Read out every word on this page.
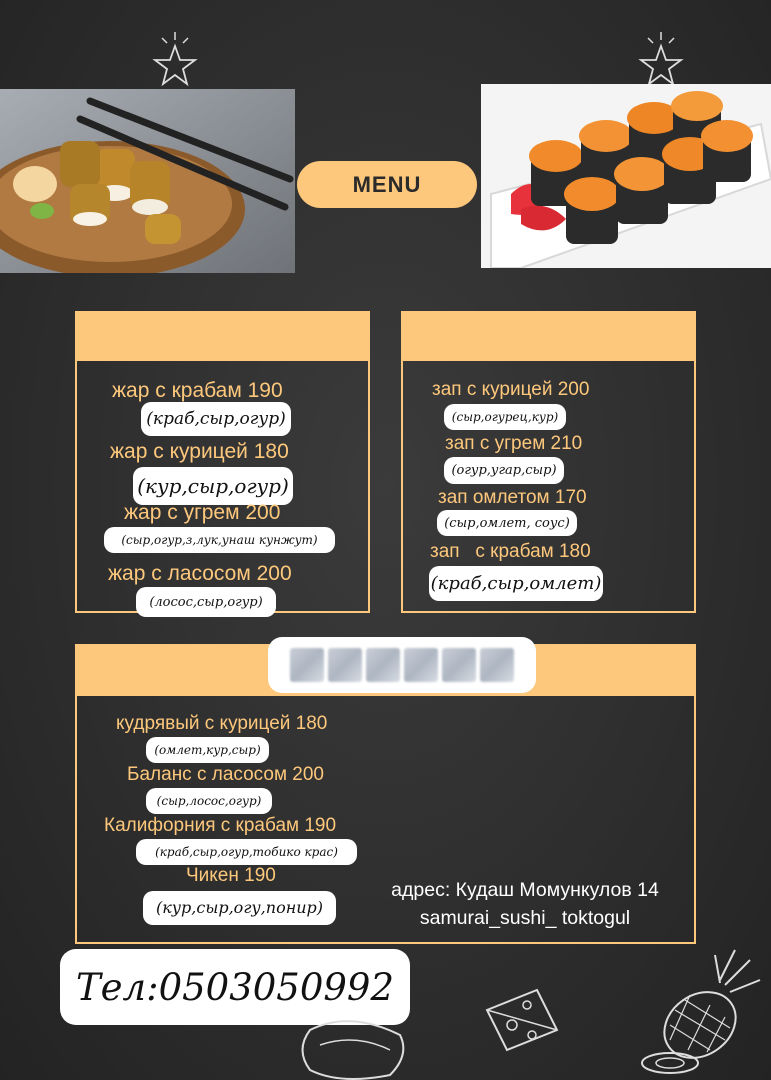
MENU
жар с крабам 190
(краб,сыр,огур)
жар с курицей 180
(кур,сыр,огур)
жар с угрем 200
(сыр,огур,з,лук,унаш кунжут)
жар с ласосом 200
(лосос,сыр,огур)
зап с курицей 200
(сыр,огурец,кур)
зап с угрем 210
(огур,угар,сыр)
зап омлетом 170
(сыр,омлет, соус)
зап   с крабам 180
(краб,сыр,омлет)
кудрявый с курицей 180
(омлет,кур,сыр)
Баланс с ласосом 200
(сыр,лосос,огур)
Калифорния с крабам 190
(краб,сыр,огур,тобико крас)
Чикен 190
(кур,сыр,огу,понир)
адрес: Кудаш Момункулов 14
samurai_sushi_ toktogul
Тел:0503050992
